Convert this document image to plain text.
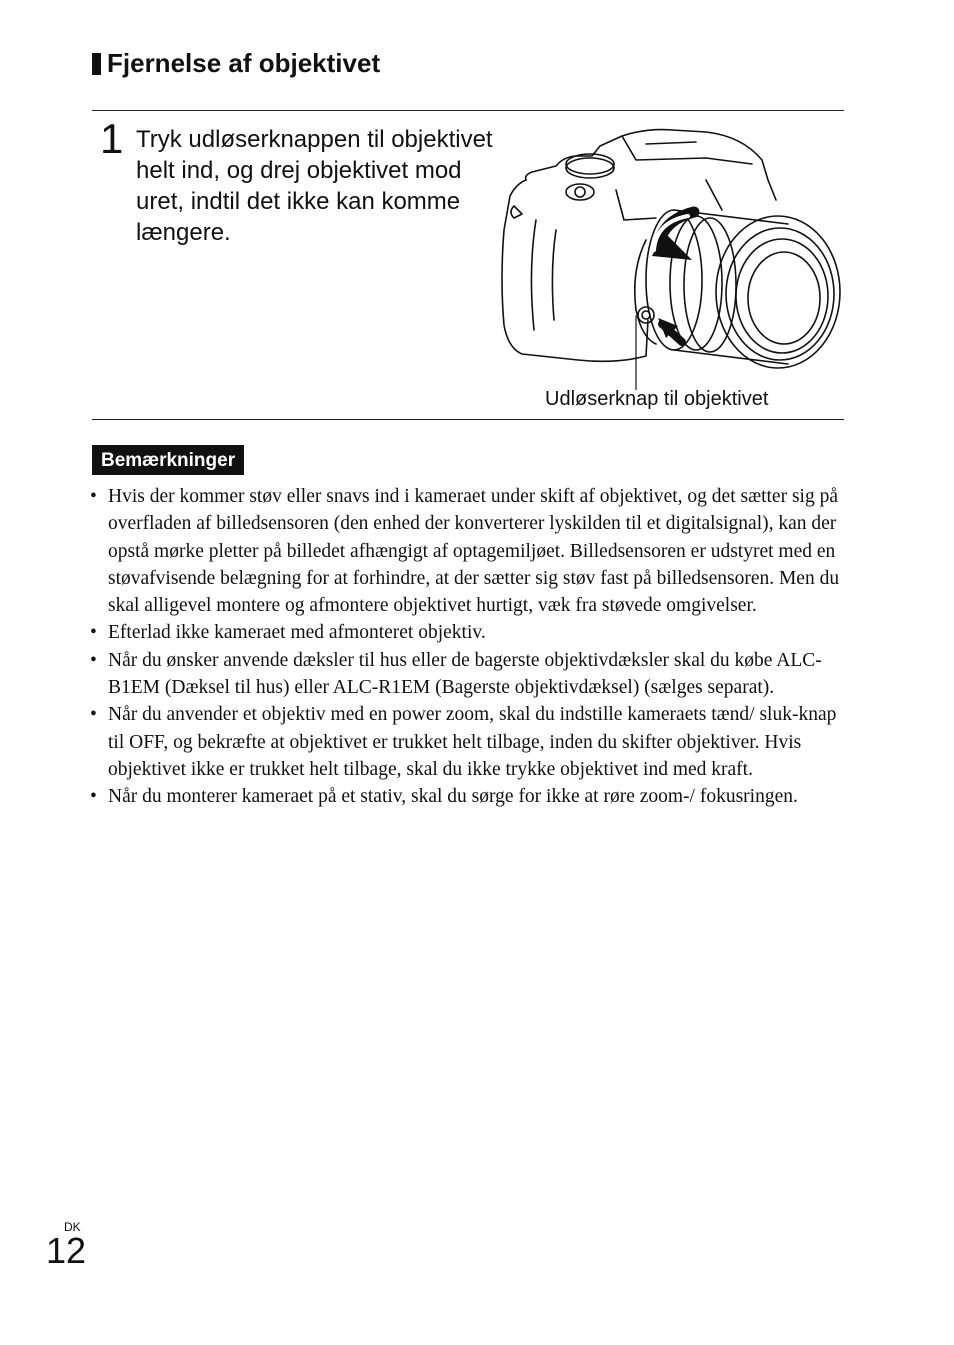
Fjernelse af objektivet
1 Tryk udløserknappen til objektivet helt ind, og drej objektivet mod uret, indtil det ikke kan komme længere.
Udløserknap til objektivet
Bemærkninger
• Hvis der kommer støv eller snavs ind i kameraet under skift af objektivet, og det sætter sig på overfladen af billedsensoren (den enhed der konverterer lyskilden til et digitalsignal), kan der opstå mørke pletter på billedet afhængigt af optagemiljøet. Billedsensoren er udstyret med en støvafvisende belægning for at forhindre, at der sætter sig støv fast på billedsensoren. Men du skal alligevel montere og afmontere objektivet hurtigt, væk fra støvede omgivelser.
• Efterlad ikke kameraet med afmonteret objektiv.
• Når du ønsker anvende dæksler til hus eller de bagerste objektivdæksler skal du købe ALC-B1EM (Dæksel til hus) eller ALC-R1EM (Bagerste objektivdæksel) (sælges separat).
• Når du anvender et objektiv med en power zoom, skal du indstille kameraets tænd/ sluk-knap til OFF, og bekræfte at objektivet er trukket helt tilbage, inden du skifter objektiver. Hvis objektivet ikke er trukket helt tilbage, skal du ikke trykke objektivet ind med kraft.
• Når du monterer kameraet på et stativ, skal du sørge for ikke at røre zoom-/ fokusringen.
DK
12
